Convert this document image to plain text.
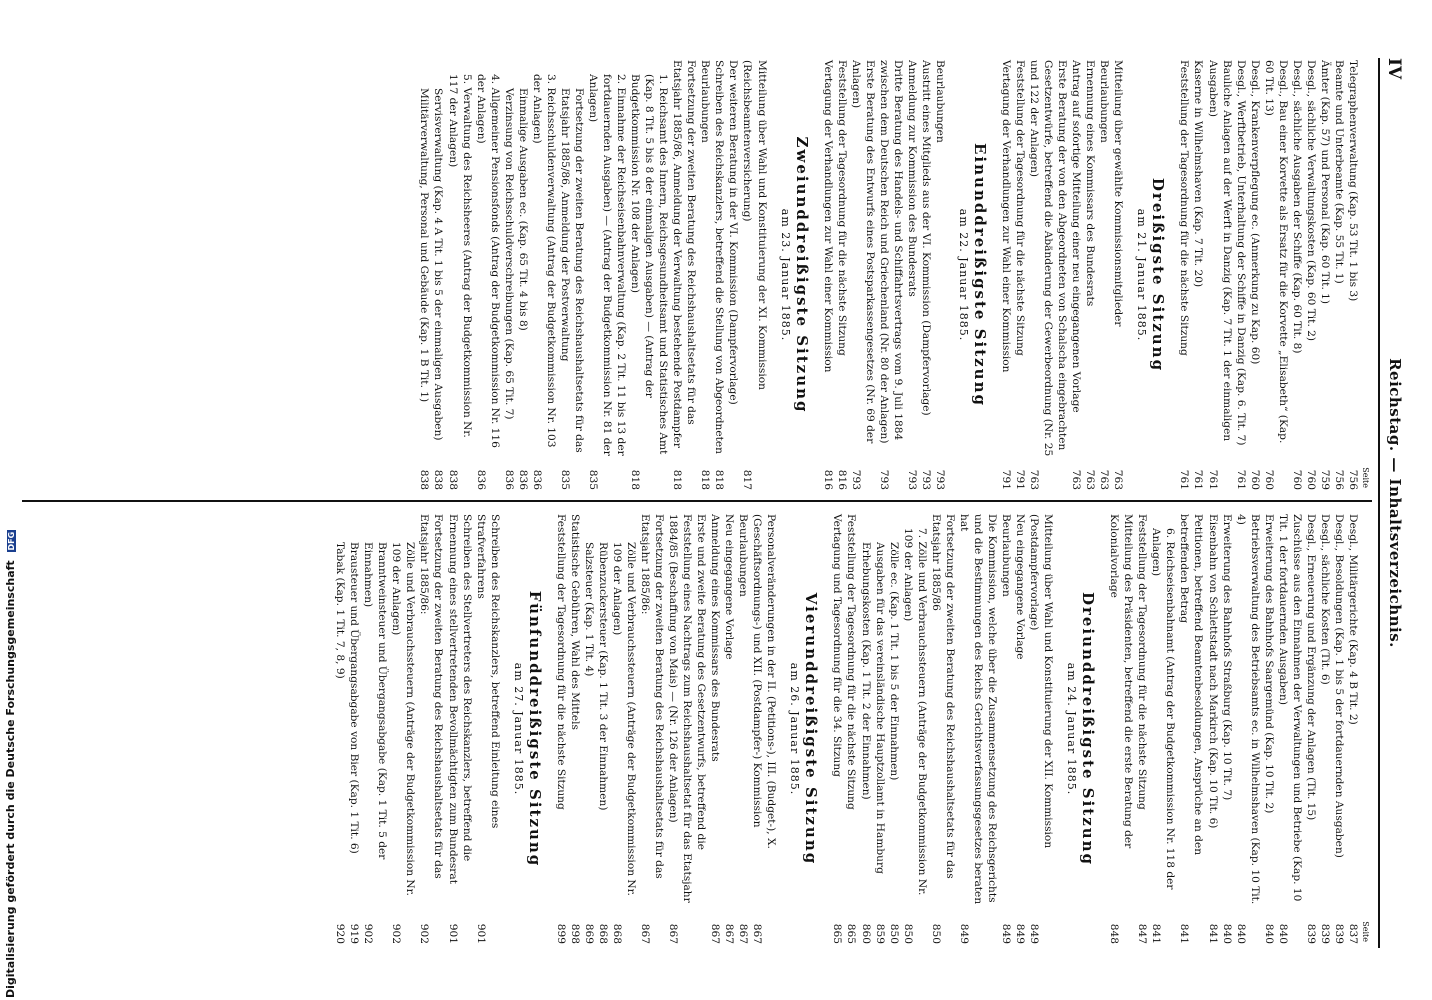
IV
Reichstag. — Inhaltsverzeichnis.
Seite
Telegraphenverwaltung (Kap. 53 Tit. 1 bis 3)
756
Beamte und Unterbeamte (Kap. 55 Tit. 1)
756
Ämter (Kap. 57) und Personal (Kap. 60 Tit. 1)
759
Desgl., sächliche Verwaltungskosten (Kap. 60 Tit. 2)
760
Desgl., sächliche Ausgaben der Schiffe (Kap. 60 Tit. 8)
760
Desgl., Bau einer Korvette als Ersatz für die Korvette „Elisabeth“ (Kap. 60 Tit. 13)
760
Desgl., Krankenverpflegung ec. (Anmerkung zu Kap. 60)
760
Desgl., Werftbetrieb, Unterhaltung der Schiffe in Danzig (Kap. 6. Tit. 7)
761
Bauliche Anlagen auf der Werft in Danzig (Kap. 7 Tit. 1 der einmaligen Ausgaben)
761
Kaserne in Wilhelmshaven (Kap. 7 Tit. 20)
761
Feststellung der Tagesordnung für die nächste Sitzung
761
Dreißigste Sitzung
am 21. Januar 1885.
Mitteilung über gewählte Kommissionsmitglieder
763
Beurlaubungen
763
Ernennung eines Kommissars des Bundesrats
763
Antrag auf sofortige Mitteilung einer neu eingegangenen Vorlage
763
Erste Beratung der von den Abgeordneten von Schalscha eingebrachten Gesetzentwürfe, betreffend die Abänderung der Gewerbeordnung (Nr. 25 und 122 der Anlagen)
763
Feststellung der Tagesordnung für die nächste Sitzung
791
Vertagung der Verhandlungen zur Wahl einer Kommission
791
Einunddreißigste Sitzung
am 22. Januar 1885.
Beurlaubungen
793
Austritt eines Mitglieds aus der VI. Kommission (Dampfervorlage)
793
Anmeldung zur Kommission des Bundesrats
793
Dritte Beratung des Handels- und Schiffahrtsvertrags vom 9. Juli 1884 zwischen dem Deutschen Reich und Griechenland (Nr. 80 der Anlagen)
793
Erste Beratung des Entwurfs eines Postsparkassengesetzes (Nr. 69 der Anlagen)
793
Feststellung der Tagesordnung für die nächste Sitzung
816
Vertagung der Verhandlungen zur Wahl einer Kommission
816
Zweiunddreißigste Sitzung
am 23. Januar 1885.
Mitteilung über Wahl und Konstituierung der XI. Kommission (Reichsbeamtenversicherung)
817
Der weiteren Beratung in der VI. Kommission (Dampfervorlage) Schreiben des Reichskanzlers, betreffend die Stellung von Abgeordneten
818
Beurlaubungen
818
Fortsetzung der zweiten Beratung des Reichshaushaltsetats für das Etatsjahr 1885/86, Anmeldung der Verwaltung bestehende Postdampfer
818
1. Reichsamt des Innern, Reichsgesundheitsamt und Statistisches Amt (Kap. 8 Tit. 5 bis 8 der einmaligen Ausgaben) — (Antrag der Budgetkommission Nr. 108 der Anlagen)
818
2. Einnahme der Reichseisenbahnverwaltung (Kap. 2 Tit. 11 bis 13 der fortdauernden Ausgaben) — (Antrag der Budgetkommission Nr. 81 der Anlagen)
835
Fortsetzung der zweiten Beratung des Reichshaushaltsetats für das Etatsjahr 1885/86, Anmeldung der Postverwaltung
835
3. Reichsschuldenverwaltung (Antrag der Budgetkommission Nr. 103 der Anlagen)
836
Einmalige Ausgaben ec. (Kap. 65 Tit. 4 bis 8)
836
Verzinsung von Reichsschuldverschreibungen (Kap. 65 Tit. 7)
836
4. Allgemeiner Pensionsfonds (Antrag der Budgetkommission Nr. 116 der Anlagen)
836
5. Verwaltung des Reichsheeres (Antrag der Budgetkommission Nr. 117 der Anlagen)
838
Servisverwaltung (Kap. 4 A Tit. 1 bis 5 der einmaligen Ausgaben)
838
Militärverwaltung, Personal und Gebäude (Kap. 1 B Tit. 1)
838
Seite
Desgl., Militärgerichte (Kap. 4 B Tit. 2)
837
Desgl., Besoldungen (Kap. 1 bis 5 der fortdauernden Ausgaben)
839
Desgl., sächliche Kosten (Tit. 6)
839
Desgl., Erneuerung und Ergänzung der Anlagen (Tit. 15)
839
Zuschüsse aus den Einnahmen der Verwaltungen und Betriebe (Kap. 10 Tit. 1 der fortdauernden Ausgaben)
840
Erweiterung des Bahnhofs Saargemünd (Kap. 10 Tit. 2)
840
Betriebsverwaltung des Betriebsamts ec. in Wilhelmshaven (Kap. 10 Tit. 4)
840
Erweiterung des Bahnhofs Straßburg (Kap. 10 Tit. 7)
840
Eisenbahn von Schlettstadt nach Markirch (Kap. 10 Tit. 6)
841
Petitionen, betreffend Beamtenbesoldungen, Ansprüche an den betreffenden Betrag
841
6. Reichseisenbahnamt (Antrag der Budgetkommission Nr. 118 der Anlagen)
841
Feststellung der Tagesordnung für die nächste Sitzung
847
Mitteilung des Präsidenten, betreffend die erste Beratung der Kolonialvorlage
848
Dreiunddreißigste Sitzung
am 24. Januar 1885.
Mitteilung über Wahl und Konstituierung der XII. Kommission (Postdampfervorlage)
849
Neu eingegangene Vorlage
849
Beurlaubungen
849
Die Kommission, welche über die Zusammensetzung des Reichsgerichts und die Bestimmungen des Reichs Gerichtsverfassungsgesetzes beraten hat
849
Fortsetzung der zweiten Beratung des Reichshaushaltsetats für das Etatsjahr 1885/86
850
7. Zölle und Verbrauchssteuern (Anträge der Budgetkommission Nr. 109 der Anlagen)
850
Zölle ec. (Kap. 1 Tit. 1 bis 5 der Einnahmen)
850
Ausgaben für das vereinsländische Hauptzollamt in Hamburg
859
Erhebungskosten (Kap. 1 Tit. 2 der Einnahmen)
860
Feststellung der Tagesordnung für die nächste Sitzung
865
Vertagung und Tagesordnung für die 34. Sitzung
865
Vierunddreißigste Sitzung
am 26. Januar 1885.
Personalveränderungen in der II. (Petitions-), III. (Budget-), X. (Geschäftsordnungs-) und XII. (Postdampfer-) Kommission
867
Beurlaubungen
867
Neu eingegangene Vorlage
867
Anmeldung eines Kommissars des Bundesrats
867
Erste und zweite Beratung des Gesetzentwurfs, betreffend die Feststellung eines Nachtrags zum Reichshaushaltsetat für das Etatsjahr 1884/85 (Beschaffung von Mais) — (Nr. 126 der Anlagen)
867
Fortsetzung der zweiten Beratung des Reichshaushaltsetats für das Etatsjahr 1885/86:
867
Zölle und Verbrauchssteuern (Anträge der Budgetkommission Nr. 109 der Anlagen)
868
Rübenzuckersteuer (Kap. 1 Tit. 3 der Einnahmen)
868
Salzsteuer (Kap. 1 Tit. 4)
869
Statistische Gebühren, Wahl des Mittels
898
Feststellung der Tagesordnung für die nächste Sitzung
899
Fünfunddreißigste Sitzung
am 27. Januar 1885.
Schreiben des Reichskanzlers, betreffend Einleitung eines Strafverfahrens
901
Schreiben des Stellvertreters des Reichskanzlers, betreffend die Ernennung eines stellvertretenden Bevollmächtigten zum Bundesrat
901
Fortsetzung der zweiten Beratung des Reichshaushaltsetats für das Etatsjahr 1885/86:
902
Zölle und Verbrauchssteuern (Anträge der Budgetkommission Nr. 109 der Anlagen)
902
Branntweinsteuer und Übergangsabgabe (Kap. 1 Tit. 5 der Einnahmen)
902
Brausteuer und Übergangsabgabe von Bier (Kap. 1 Tit. 6)
919
Tabak (Kap. 1 Tit. 7, 8, 9)
920
Digitalisierung gefördert durch die Deutsche Forschungsgemeinschaft DFG
